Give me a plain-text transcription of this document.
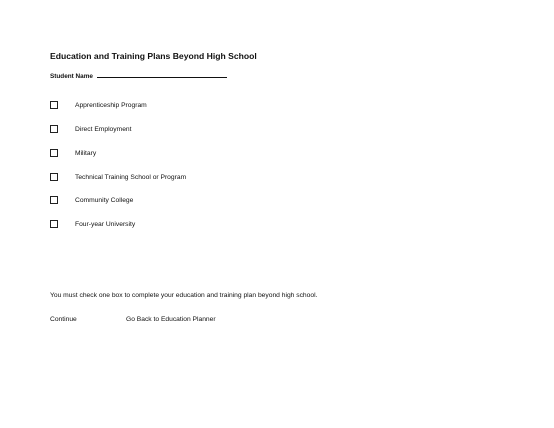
Education and Training Plans Beyond High School
Student Name
Apprenticeship Program
Direct Employment
Military
Technical Training School or Program
Community College
Four-year University
You must check one box to complete your education and training plan beyond high school.
Continue	Go Back to Education Planner
